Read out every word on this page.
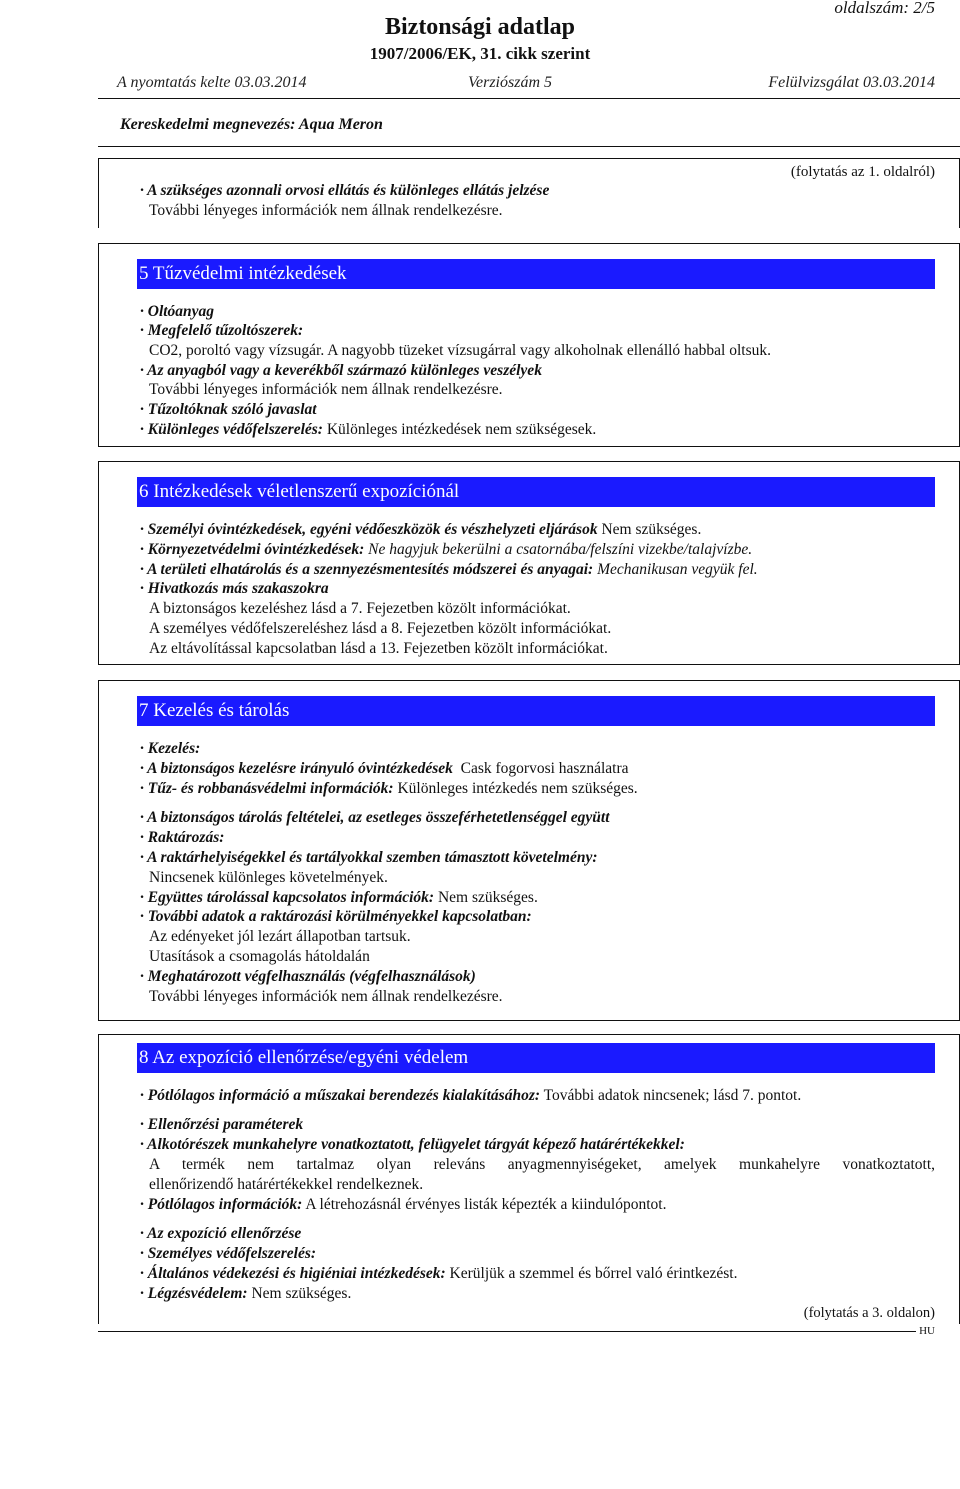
oldalszám: 2/5
Biztonsági adatlap
1907/2006/EK, 31. cikk szerint
A nyomtatás kelte 03.03.2014	Verziószám 5	Felülvizsgálat 03.03.2014
Kereskedelmi megnevezés: Aqua Meron
(folytatás az 1. oldalról)
· A szükséges azonnali orvosi ellátás és különleges ellátás jelzése
További lényeges információk nem állnak rendelkezésre.
5 Tűzvédelmi intézkedések
· Oltóanyag
· Megfelelő tűzoltószerek:
CO2, poroltó vagy vízsugár. A nagyobb tüzeket vízsugárral vagy alkoholnak ellenálló habbal oltsuk.
· Az anyagból vagy a keverékből származó különleges veszélyek
További lényeges információk nem állnak rendelkezésre.
· Tűzoltóknak szóló javaslat
· Különleges védőfelszerelés: Különleges intézkedések nem szükségesek.
6 Intézkedések véletlenszerű expozíciónál
· Személyi óvintézkedések, egyéni védőeszközök és vészhelyzeti eljárások Nem szükséges.
· Környezetvédelmi óvintézkedések: Ne hagyjuk bekerülni a csatornába/felszíni vizekbe/talajvízbe.
· A területi elhatárolás és a szennyezésmentesítés módszerei és anyagai: Mechanikusan vegyük fel.
· Hivatkozás más szakaszokra
A biztonságos kezeléshez lásd a 7. Fejezetben közölt információkat.
A személyes védőfelszereléshez lásd a 8. Fejezetben közölt információkat.
Az eltávolítással kapcsolatban lásd a 13. Fejezetben közölt információkat.
7 Kezelés és tárolás
· Kezelés:
· A biztonságos kezelésre irányuló óvintézkedések  Cask fogorvosi használatra
· Tűz- és robbanásvédelmi információk: Különleges intézkedés nem szükséges.
· A biztonságos tárolás feltételei, az esetleges összeférhetetlenséggel együtt
· Raktározás:
· A raktárhelyiségekkel és tartályokkal szemben támasztott követelmény:
Nincsenek különleges követelmények.
· Együttes tárolással kapcsolatos információk: Nem szükséges.
· További adatok a raktározási körülményekkel kapcsolatban:
Az edényeket jól lezárt állapotban tartsuk.
Utasítások a csomagolás hátoldalán
· Meghatározott végfelhasználás (végfelhasználások)
További lényeges információk nem állnak rendelkezésre.
8 Az expozíció ellenőrzése/egyéni védelem
· Pótlólagos információ a műszakai berendezés kialakításához: További adatok nincsenek; lásd 7. pontot.
· Ellenőrzési paraméterek
· Alkotórészek munkahelyre vonatkoztatott, felügyelet tárgyát képező határértékekkel:
A termék nem tartalmaz olyan releváns anyagmennyiségeket, amelyek munkahelyre vonatkoztatott,
ellenőrizendő határértékekkel rendelkeznek.
· Pótlólagos információk: A létrehozásnál érvényes listák képezték a kiindulópontot.
· Az expozíció ellenőrzése
· Személyes védőfelszerelés:
· Általános védekezési és higiéniai intézkedések: Kerüljük a szemmel és bőrrel való érintkezést.
· Légzésvédelem: Nem szükséges.
(folytatás a 3. oldalon)
HU
